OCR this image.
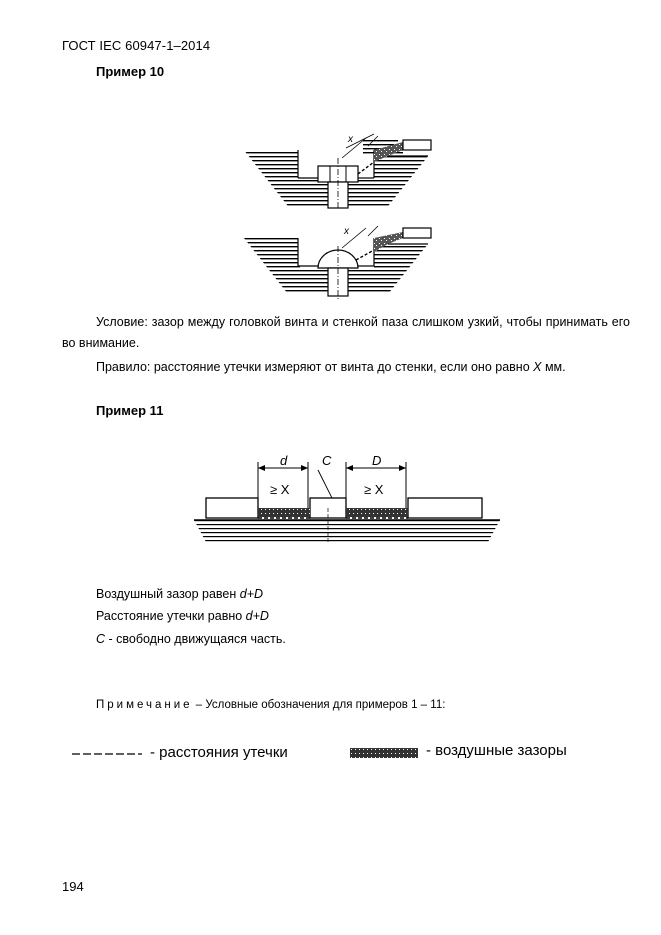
ГОСТ IEC 60947-1–2014
Пример 10
x
x
Условие: зазор между головкой винта и стенкой паза слишком узкий, чтобы принимать его во внимание.
Правило: расстояние утечки измеряют от винта до стенки, если оно равно X мм.
Пример 11
d	C	D
≥ X	≥ X
Воздушный зазор равен d+D
Расстояние утечки равно d+D
C - свободно движущаяся часть.
Примечание – Условные обозначения для примеров 1 – 11:
- расстояния утечки	- воздушные зазоры
194
